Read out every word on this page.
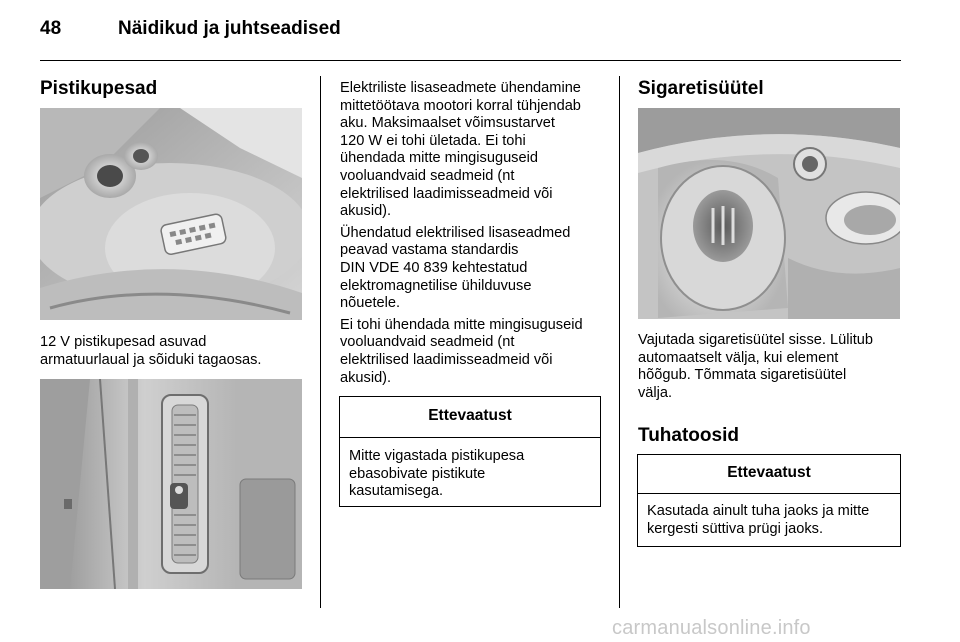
48	Näidikud ja juhtseadised
Pistikupesad
12 V pistikupesad asuvad
armatuurlaual ja sõiduki tagaosas.

Elektriliste lisaseadmete ühendamine
mittetöötava mootori korral tühjendab
aku. Maksimaalset võimsustarvet
120 W ei tohi ületada. Ei tohi
ühendada mitte mingisuguseid
vooluandvaid seadmeid (nt
elektrilised laadimisseadmeid või
akusid).

Ühendatud elektrilised lisaseadmed
peavad vastama standardis
DIN VDE 40 839 kehtestatud
elektromagnetilise ühilduvuse
nõuetele.

Ei tohi ühendada mitte mingisuguseid
vooluandvaid seadmeid (nt
elektrilised laadimisseadmeid või
akusid).

Ettevaatust
Mitte vigastada pistikupesa
ebasobivate pistikute
kasutamisega.
Sigaretisüütel
Vajutada sigaretisüütel sisse. Lülitub
automaatselt välja, kui element
hõõgub. Tõmmata sigaretisüütel
välja.
Tuhatoosid
Ettevaatust
Kasutada ainult tuha jaoks ja mitte
kergesti süttiva prügi jaoks.
carmanualsonline.info
